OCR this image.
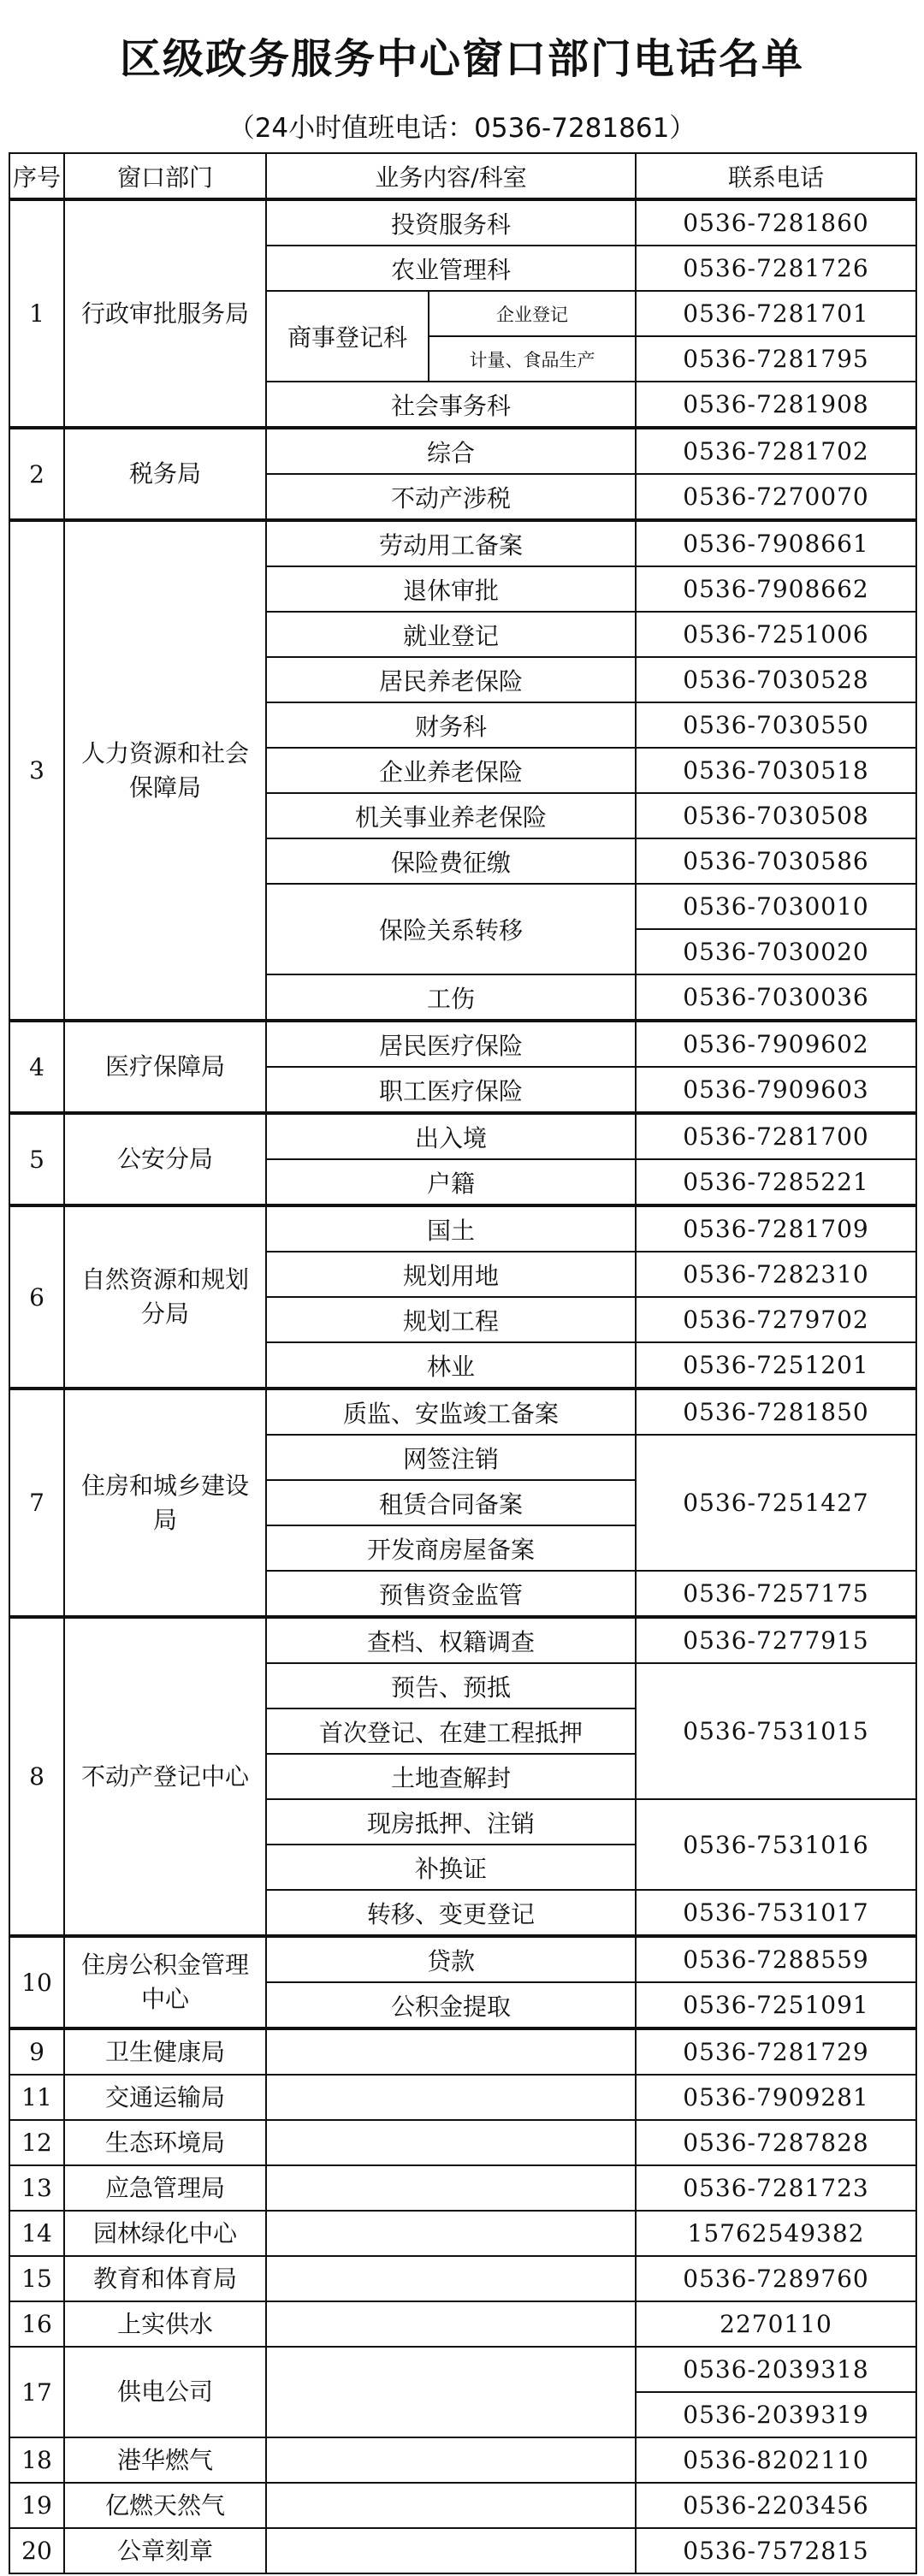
区级政务服务中心窗口部门电话名单
（24小时值班电话：0536-7281861）
序号	窗口部门	业务内容/科室		联系电话
1	行政审批服务局	投资服务科		0536-7281860
		农业管理科		0536-7281726
		商事登记科	企业登记	0536-7281701
			计量、食品生产	0536-7281795
		社会事务科		0536-7281908
2	税务局	综合		0536-7281702
		不动产涉税		0536-7270070
3	人力资源和社会保障局	劳动用工备案		0536-7908661
		退休审批		0536-7908662
		就业登记		0536-7251006
		居民养老保险		0536-7030528
		财务科		0536-7030550
		企业养老保险		0536-7030518
		机关事业养老保险		0536-7030508
		保险费征缴		0536-7030586
		保险关系转移		0536-7030010
				0536-7030020
		工伤		0536-7030036
4	医疗保障局	居民医疗保险		0536-7909602
		职工医疗保险		0536-7909603
5	公安分局	出入境		0536-7281700
		户籍		0536-7285221
6	自然资源和规划分局	国土		0536-7281709
		规划用地		0536-7282310
		规划工程		0536-7279702
		林业		0536-7251201
7	住房和城乡建设局	质监、安监竣工备案		0536-7281850
		网签注销		0536-7251427
		租赁合同备案		
		开发商房屋备案		
		预售资金监管		0536-7257175
8	不动产登记中心	查档、权籍调查		0536-7277915
		预告、预抵		0536-7531015
		首次登记、在建工程抵押		
		土地查解封		
		现房抵押、注销		0536-7531016
		补换证		
		转移、变更登记		0536-7531017
10	住房公积金管理中心	贷款		0536-7288559
		公积金提取		0536-7251091
9	卫生健康局			0536-7281729
11	交通运输局			0536-7909281
12	生态环境局			0536-7287828
13	应急管理局			0536-7281723
14	园林绿化中心			15762549382
15	教育和体育局			0536-7289760
16	上实供水			2270110
17	供电公司			0536-2039318
				0536-2039319
18	港华燃气			0536-8202110
19	亿燃天然气			0536-2203456
20	公章刻章			0536-7572815
